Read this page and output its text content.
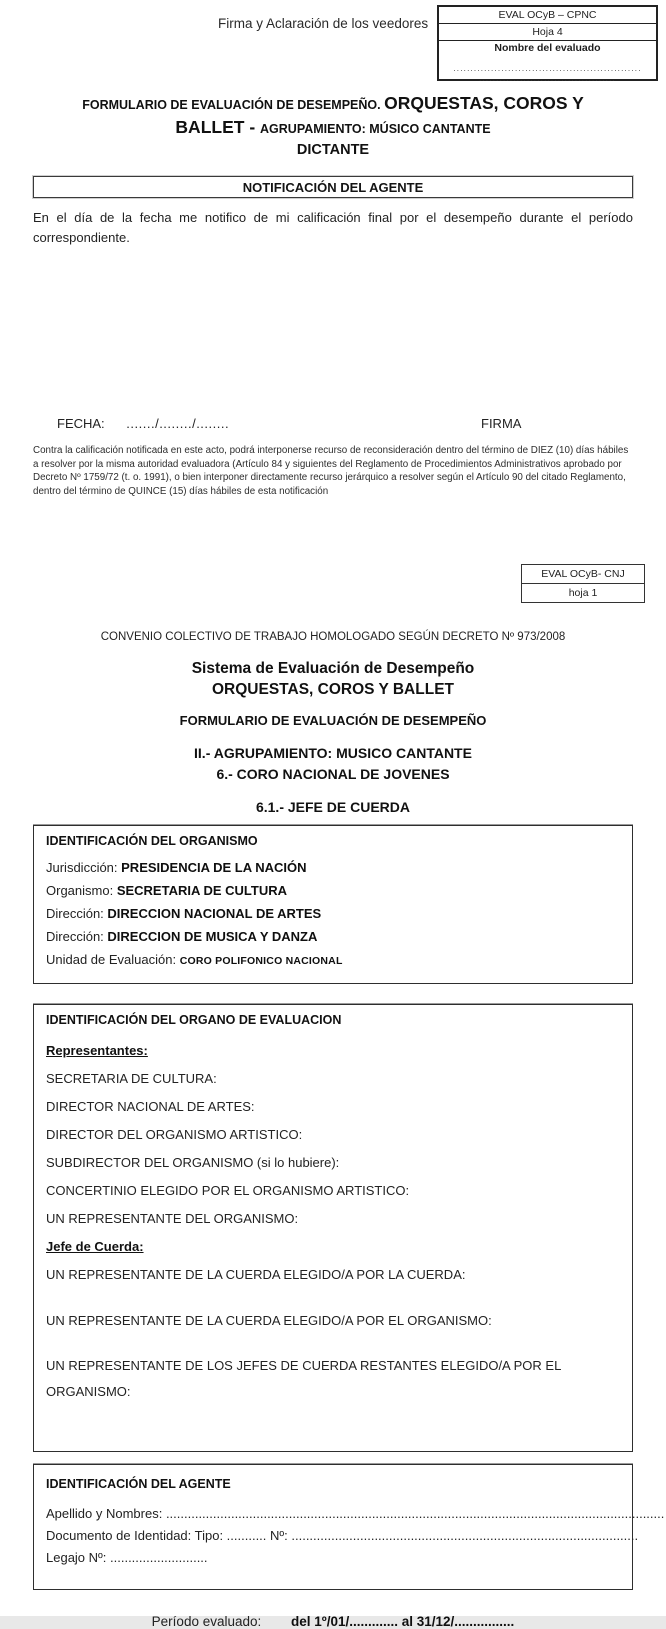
Firma y Aclaración de los veedores
EVAL OCyB – CPNC
Hoja 4
Nombre del evaluado
.......................................................
........................................
FORMULARIO DE EVALUACIÓN DE DESEMPEÑO. ORQUESTAS, COROS Y BALLET - AGRUPAMIENTO: MÚSICO CANTANTE
DICTANTE
NOTIFICACIÓN DEL AGENTE

En el día de la fecha me notifico de mi calificación final por el desempeño durante el período correspondiente.

FECHA: ......./......../........	FIRMA

Contra la calificación notificada en este acto, podrá interponerse recurso de reconsideración dentro del término de DIEZ (10) días hábiles a resolver por la misma autoridad evaluadora (Artículo 84 y siguientes del Reglamento de Procedimientos Administrativos aprobado por Decreto Nº 1759/72 (t. o. 1991), o bien interponer directamente recurso jerárquico a resolver según el Artículo 90 del citado Reglamento, dentro del término de QUINCE (15) días hábiles de esta notificación

EVAL OCyB- CNJ
hoja 1
CONVENIO COLECTIVO DE TRABAJO HOMOLOGADO SEGÚN DECRETO Nº 973/2008
Sistema de Evaluación de Desempeño
ORQUESTAS, COROS Y BALLET
FORMULARIO DE EVALUACIÓN DE DESEMPEÑO
II.- AGRUPAMIENTO: MUSICO CANTANTE
6.- CORO NACIONAL DE JOVENES
6.1.- JEFE DE CUERDA
IDENTIFICACIÓN DEL ORGANISMO
Jurisdicción: PRESIDENCIA DE LA NACIÓN
Organismo: SECRETARIA DE CULTURA
Dirección: DIRECCION NACIONAL DE ARTES
Dirección: DIRECCION DE MUSICA Y DANZA
Unidad de Evaluación: CORO POLIFONICO NACIONAL
IDENTIFICACIÓN DEL ORGANO DE EVALUACION
Representantes:
SECRETARIA DE CULTURA:
DIRECTOR NACIONAL DE ARTES:
DIRECTOR DEL ORGANISMO ARTISTICO:
SUBDIRECTOR DEL ORGANISMO (si lo hubiere):
CONCERTINIO ELEGIDO POR EL ORGANISMO ARTISTICO:
UN REPRESENTANTE DEL ORGANISMO:
Jefe de Cuerda:
UN REPRESENTANTE DE LA CUERDA ELEGIDO/A POR LA CUERDA:
UN REPRESENTANTE DE LA CUERDA ELEGIDO/A POR EL ORGANISMO:
UN REPRESENTANTE DE LOS JEFES DE CUERDA RESTANTES ELEGIDO/A POR EL ORGANISMO:
IDENTIFICACIÓN DEL AGENTE
Apellido y Nombres: ..........................................................................................................................................
Documento de Identidad: Tipo: ........... Nº: ................................................................................................
Legajo Nº: ...........................
Período evaluado: del 1º/01/............. al 31/12/................
